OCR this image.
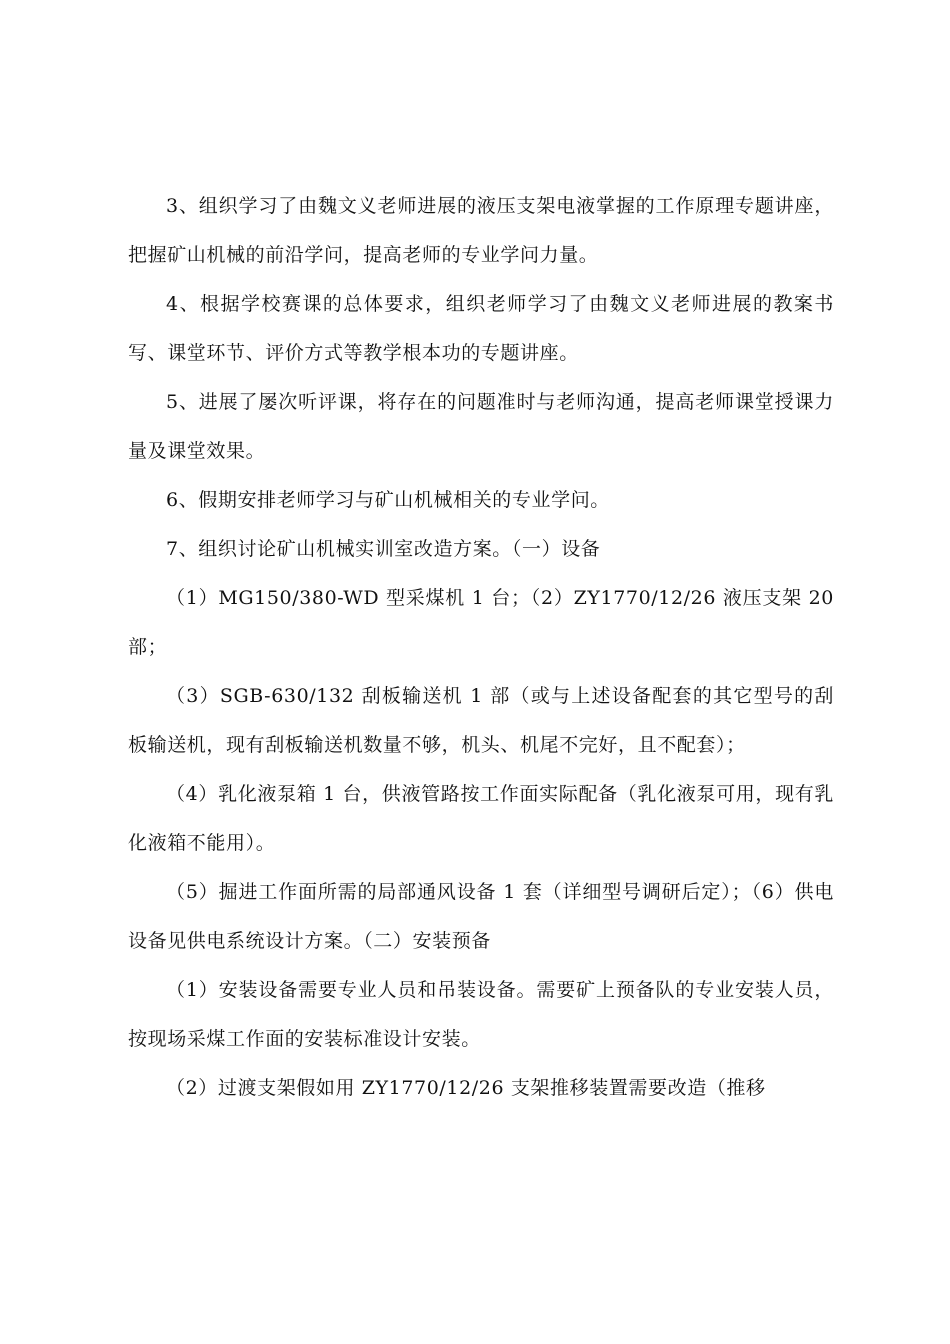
3、组织学习了由魏文义老师进展的液压支架电液掌握的工作原理专题讲座，把握矿山机械的前沿学问，提高老师的专业学问力量。

4、根据学校赛课的总体要求，组织老师学习了由魏文义老师进展的教案书写、课堂环节、评价方式等教学根本功的专题讲座。

5、进展了屡次听评课，将存在的问题准时与老师沟通，提高老师课堂授课力量及课堂效果。

6、假期安排老师学习与矿山机械相关的专业学问。

7、组织讨论矿山机械实训室改造方案。（一）设备

（1）MG150/380-WD 型采煤机 1 台；（2）ZY1770/12/26 液压支架 20 部；

（3）SGB-630/132 刮板输送机 1 部（或与上述设备配套的其它型号的刮板输送机，现有刮板输送机数量不够，机头、机尾不完好，且不配套）；

（4）乳化液泵箱 1 台，供液管路按工作面实际配备（乳化液泵可用，现有乳化液箱不能用）。

（5）掘进工作面所需的局部通风设备 1 套（详细型号调研后定）；（6）供电设备见供电系统设计方案。（二）安装预备

（1）安装设备需要专业人员和吊装设备。需要矿上预备队的专业安装人员，按现场采煤工作面的安装标准设计安装。

（2）过渡支架假如用 ZY1770/12/26 支架推移装置需要改造（推移
